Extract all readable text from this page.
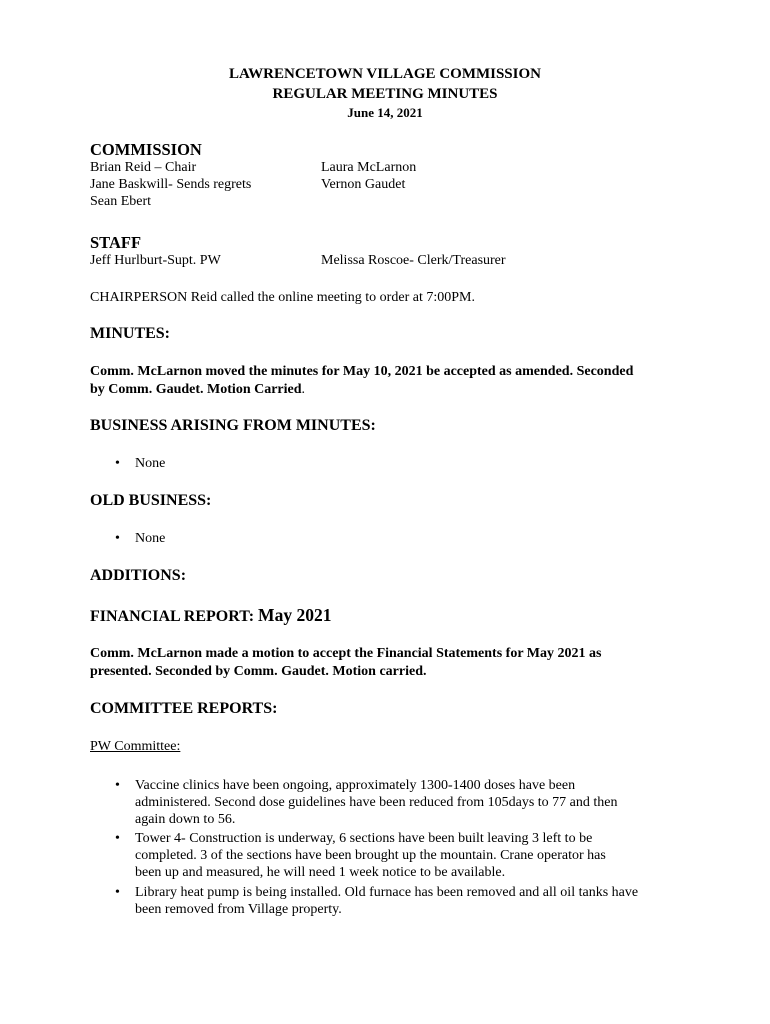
LAWRENCETOWN VILLAGE COMMISSION
REGULAR MEETING MINUTES
June 14, 2021
COMMISSION
Brian Reid – Chair
Jane Baskwill- Sends regrets
Sean Ebert
Laura McLarnon
Vernon Gaudet
STAFF
Jeff Hurlburt-Supt. PW	Melissa Roscoe- Clerk/Treasurer
CHAIRPERSON Reid called the online meeting to order at 7:00PM.
MINUTES:
Comm. McLarnon moved the minutes for May 10, 2021 be accepted as amended. Seconded
by Comm. Gaudet. Motion Carried.
BUSINESS ARISING FROM MINUTES:
• None
OLD BUSINESS:
• None
ADDITIONS:
FINANCIAL REPORT: May 2021
Comm. McLarnon made a motion to accept the Financial Statements for May 2021 as
presented. Seconded by Comm. Gaudet. Motion carried.
COMMITTEE REPORTS:
PW Committee:
• Vaccine clinics have been ongoing, approximately 1300-1400 doses have been
administered. Second dose guidelines have been reduced from 105days to 77 and then
again down to 56.
• Tower 4- Construction is underway, 6 sections have been built leaving 3 left to be
completed. 3 of the sections have been brought up the mountain. Crane operator has
been up and measured, he will need 1 week notice to be available.
• Library heat pump is being installed. Old furnace has been removed and all oil tanks have
been removed from Village property.
